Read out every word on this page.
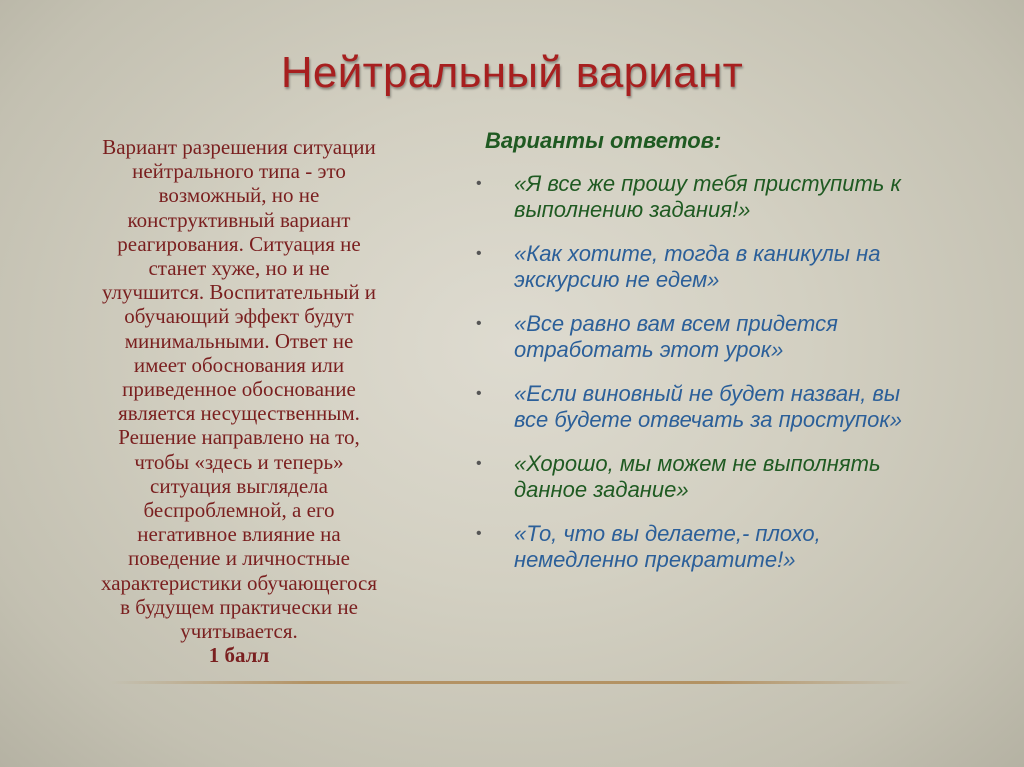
Нейтральный вариант
Вариант разрешения ситуации
нейтрального типа - это
возможный, но не
конструктивный вариант
реагирования. Ситуация не
станет хуже, но и не
улучшится. Воспитательный и
обучающий эффект будут
минимальными. Ответ не
имеет обоснования или
приведенное обоснование
является несущественным.
Решение направлено на то,
чтобы «здесь и теперь»
ситуация выглядела
беспроблемной, а его
негативное влияние на
поведение и личностные
характеристики обучающегося
в будущем практически не
учитывается.
1 балл
Варианты ответов:
• «Я все же прошу тебя приступить к
выполнению задания!»
• «Как хотите, тогда в каникулы на
экскурсию не едем»
• «Все равно вам всем придется
отработать этот урок»
• «Если виновный не будет назван, вы
все будете отвечать за проступок»
• «Хорошо, мы можем не выполнять
данное задание»
• «То, что вы делаете,- плохо,
немедленно прекратите!»
